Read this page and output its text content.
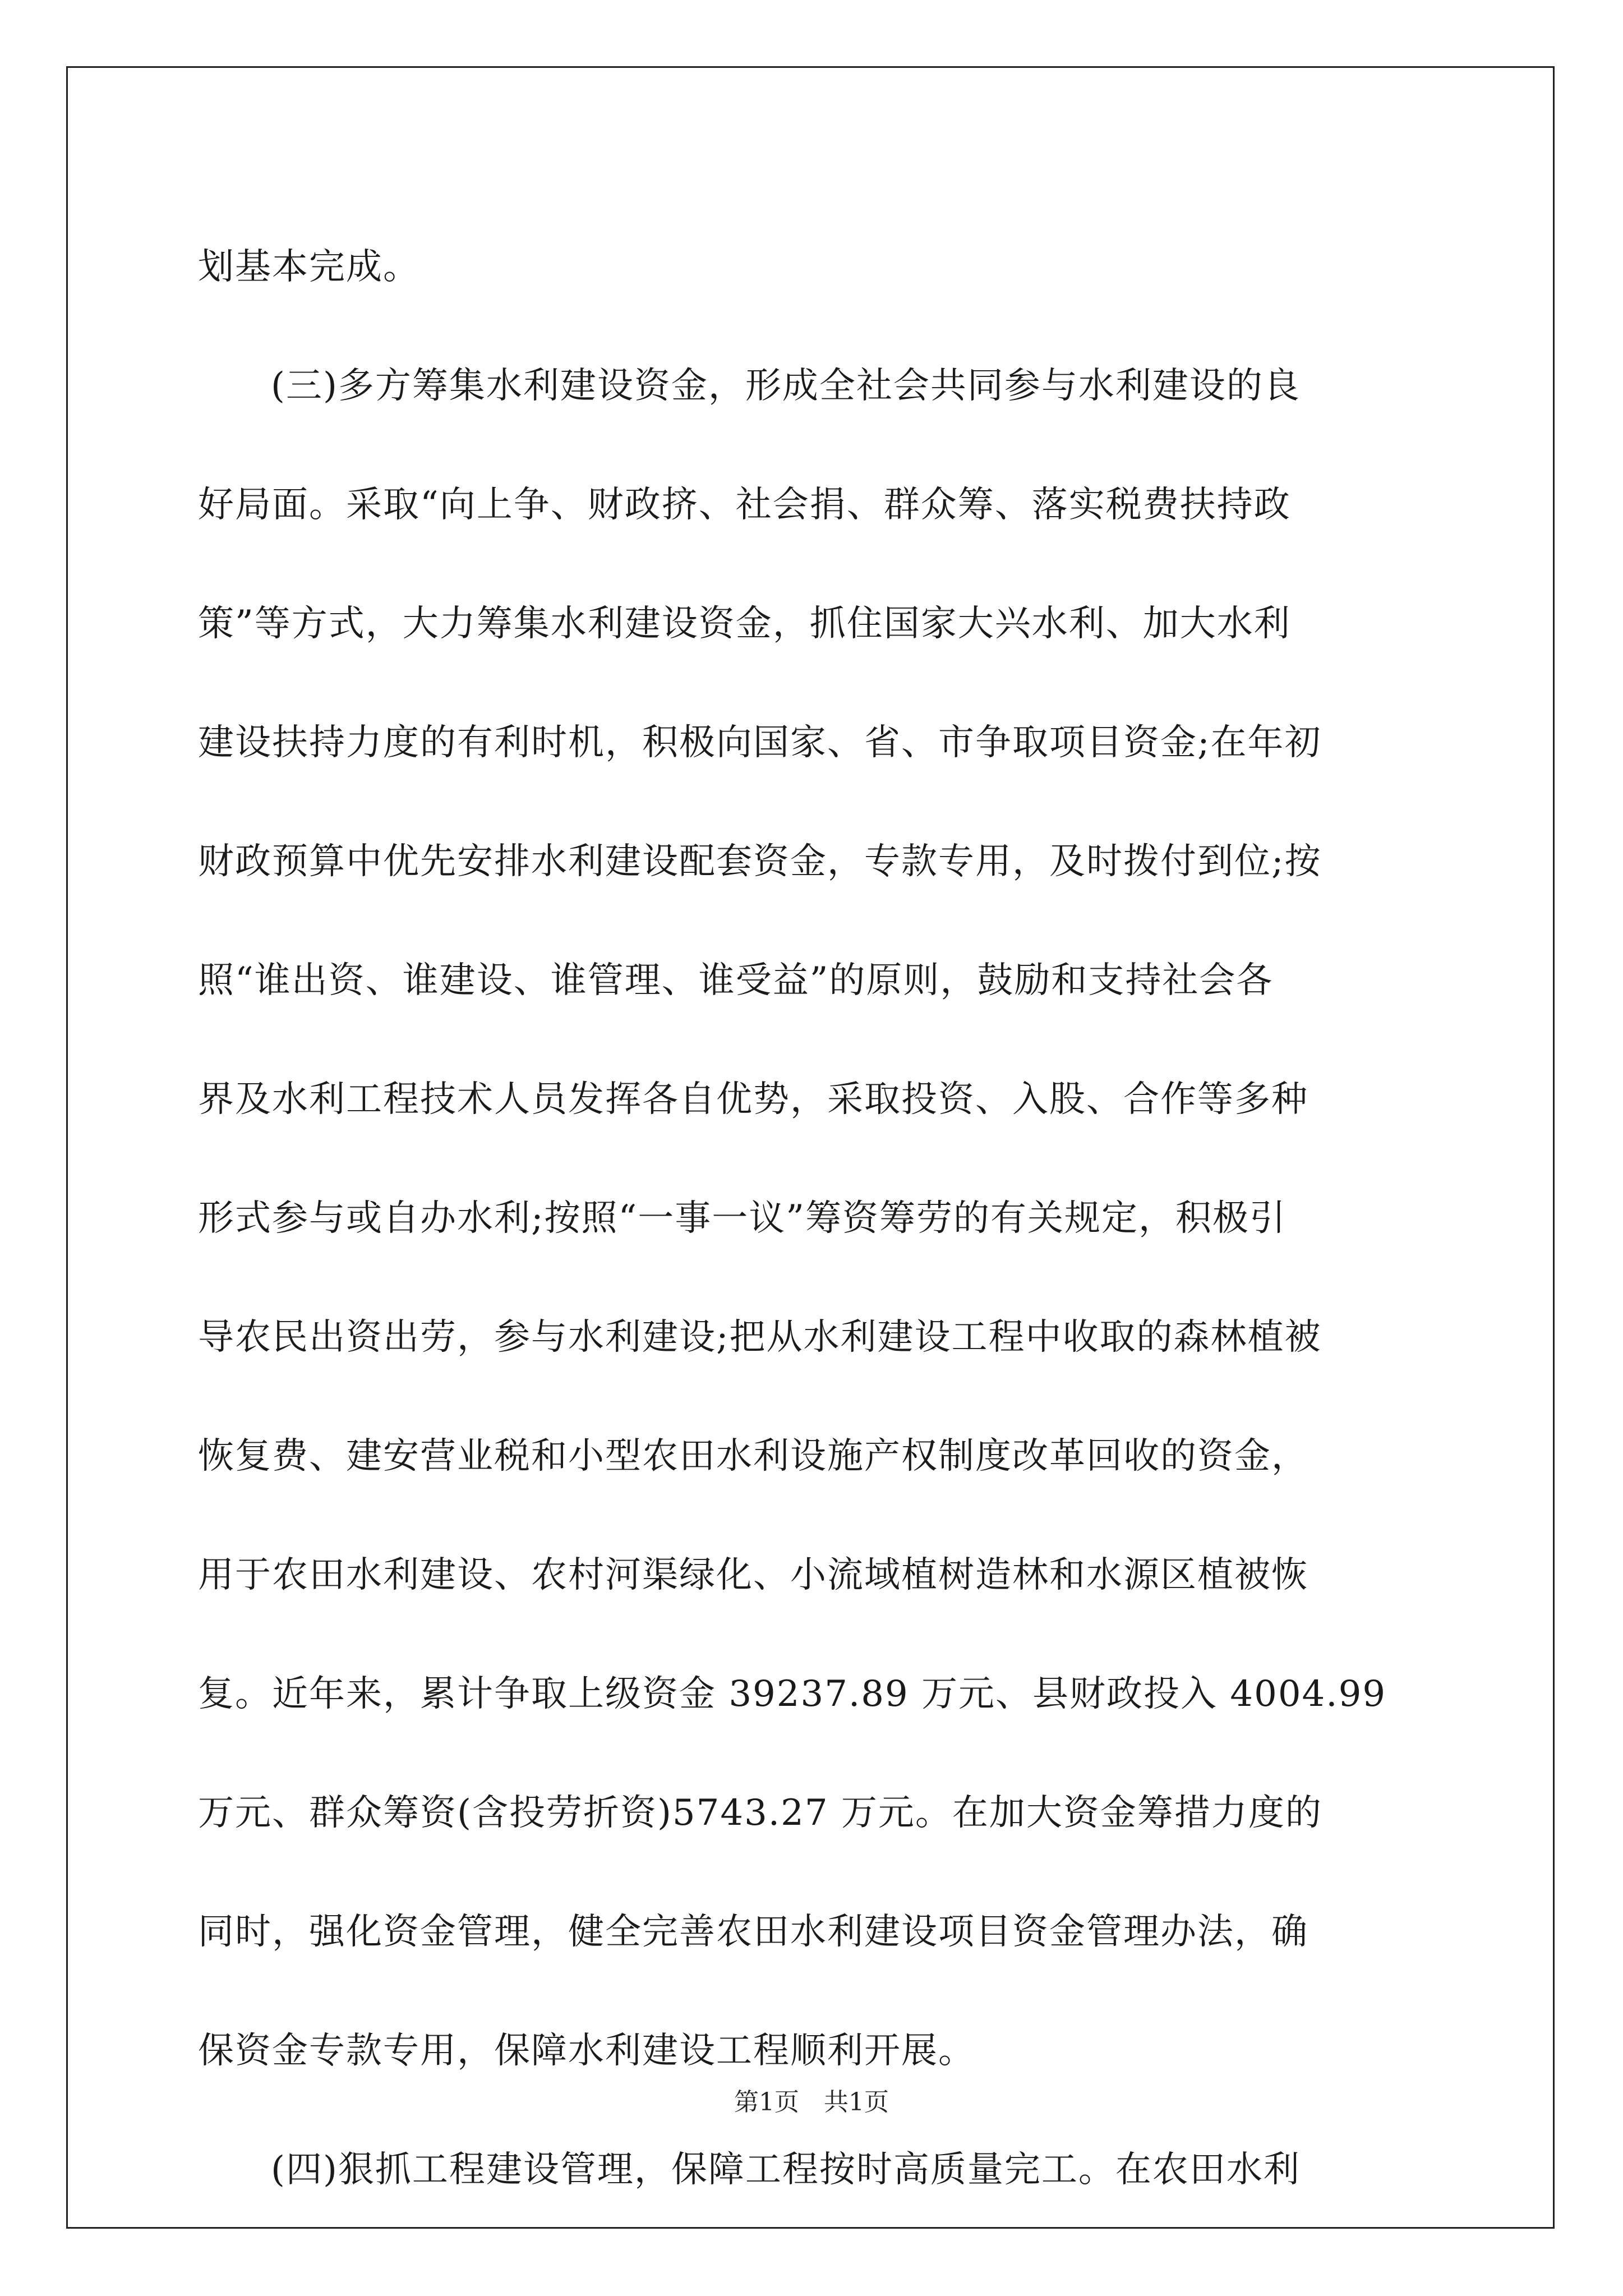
划基本完成。
(三)多方筹集水利建设资金，形成全社会共同参与水利建设的良
好局面。采取“向上争、财政挤、社会捐、群众筹、落实税费扶持政
策”等方式，大力筹集水利建设资金，抓住国家大兴水利、加大水利
建设扶持力度的有利时机，积极向国家、省、市争取项目资金;在年初
财政预算中优先安排水利建设配套资金，专款专用，及时拨付到位;按
照“谁出资、谁建设、谁管理、谁受益”的原则，鼓励和支持社会各
界及水利工程技术人员发挥各自优势，采取投资、入股、合作等多种
形式参与或自办水利;按照“一事一议”筹资筹劳的有关规定，积极引
导农民出资出劳，参与水利建设;把从水利建设工程中收取的森林植被
恢复费、建安营业税和小型农田水利设施产权制度改革回收的资金，
用于农田水利建设、农村河渠绿化、小流域植树造林和水源区植被恢
复。近年来，累计争取上级资金 39237.89 万元、县财政投入 4004.99
万元、群众筹资(含投劳折资)5743.27 万元。在加大资金筹措力度的
同时，强化资金管理，健全完善农田水利建设项目资金管理办法，确
保资金专款专用，保障水利建设工程顺利开展。
(四)狠抓工程建设管理，保障工程按时高质量完工。在农田水利
第1页　共1页
